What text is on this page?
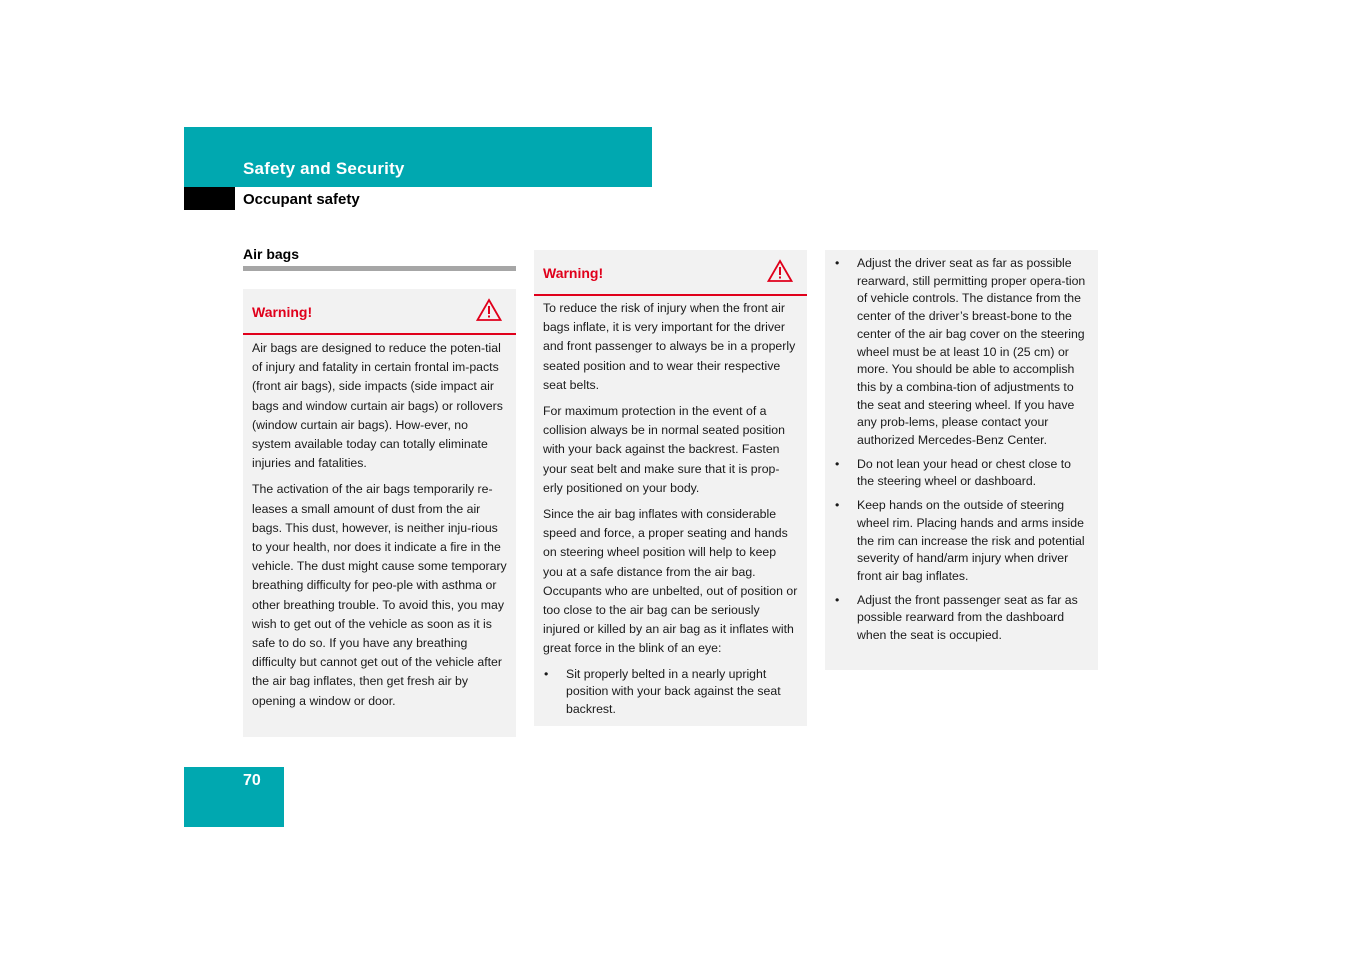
Safety and Security
Occupant safety
Air bags
Warning!

Air bags are designed to reduce the poten-tial of injury and fatality in certain frontal im-pacts (front air bags), side impacts (side impact air bags and window curtain air bags) or rollovers (window curtain air bags). How-ever, no system available today can totally eliminate injuries and fatalities.

The activation of the air bags temporarily re-leases a small amount of dust from the air bags. This dust, however, is neither inju-rious to your health, nor does it indicate a fire in the vehicle. The dust might cause some temporary breathing difficulty for peo-ple with asthma or other breathing trouble. To avoid this, you may wish to get out of the vehicle as soon as it is safe to do so. If you have any breathing difficulty but cannot get out of the vehicle after the air bag inflates, then get fresh air by opening a window or door.

Warning!

To reduce the risk of injury when the front air bags inflate, it is very important for the driver and front passenger to always be in a properly seated position and to wear their respective seat belts.

For maximum protection in the event of a collision always be in normal seated position with your back against the backrest. Fasten your seat belt and make sure that it is prop-erly positioned on your body.

Since the air bag inflates with considerable speed and force, a proper seating and hands on steering wheel position will help to keep you at a safe distance from the air bag. Occupants who are unbelted, out of position or too close to the air bag can be seriously injured or killed by an air bag as it inflates with great force in the blink of an eye:

• Sit properly belted in a nearly upright position with your back against the seat backrest.
• Adjust the driver seat as far as possible rearward, still permitting proper opera-tion of vehicle controls. The distance from the center of the driver’s breast-bone to the center of the air bag cover on the steering wheel must be at least 10 in (25 cm) or more. You should be able to accomplish this by a combina-tion of adjustments to the seat and steering wheel. If you have any prob-lems, please contact your authorized Mercedes-Benz Center.
• Do not lean your head or chest close to the steering wheel or dashboard.
• Keep hands on the outside of steering wheel rim. Placing hands and arms inside the rim can increase the risk and potential severity of hand/arm injury when driver front air bag inflates.
• Adjust the front passenger seat as far as possible rearward from the dashboard when the seat is occupied.
70
